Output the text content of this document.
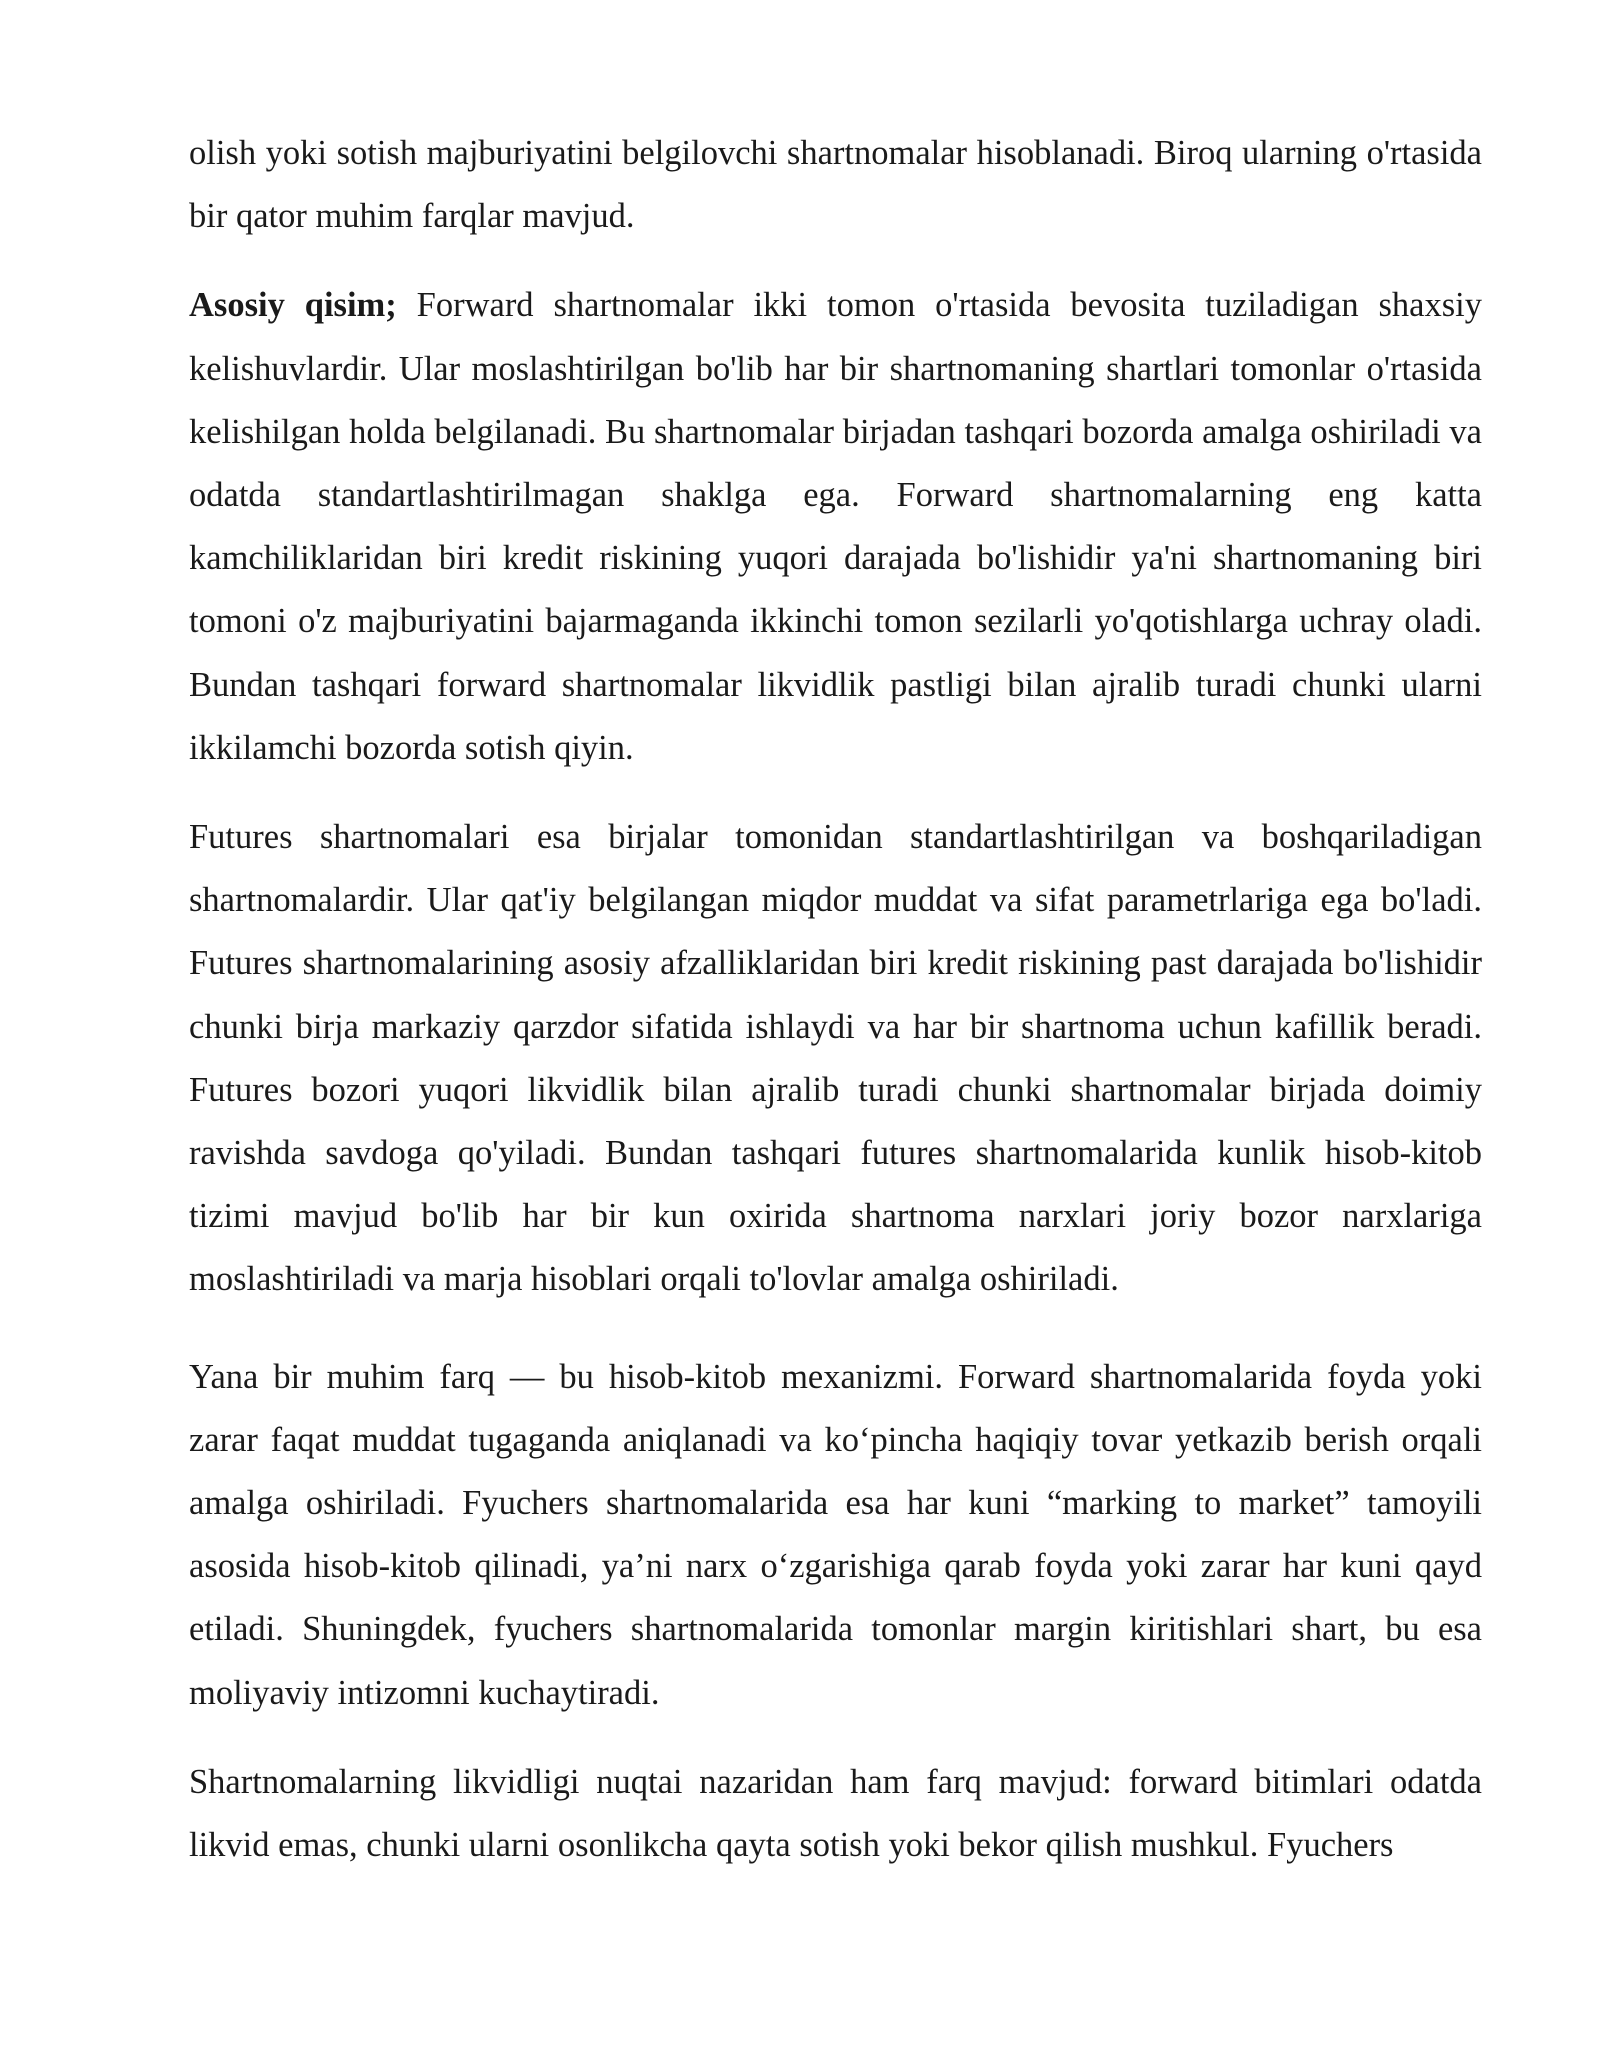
olish yoki sotish majburiyatini belgilovchi shartnomalar hisoblanadi. Biroq ularning o'rtasida bir qator muhim farqlar mavjud.

Asosiy qisim; Forward shartnomalar ikki tomon o'rtasida bevosita tuziladigan shaxsiy kelishuvlardir. Ular moslashtirilgan bo'lib har bir shartnomaning shartlari tomonlar o'rtasida kelishilgan holda belgilanadi. Bu shartnomalar birjadan tashqari bozorda amalga oshiriladi va odatda standartlashtirilmagan shaklga ega. Forward shartnomalarning eng katta kamchiliklaridan biri kredit riskining yuqori darajada bo'lishidir ya'ni shartnomaning biri tomoni o'z majburiyatini bajarmaganda ikkinchi tomon sezilarli yo'qotishlarga uchray oladi. Bundan tashqari forward shartnomalar likvidlik pastligi bilan ajralib turadi chunki ularni ikkilamchi bozorda sotish qiyin.

Futures shartnomalari esa birjalar tomonidan standartlashtirilgan va boshqariladigan shartnomalardir. Ular qat'iy belgilangan miqdor muddat va sifat parametrlariga ega bo'ladi. Futures shartnomalarining asosiy afzalliklaridan biri kredit riskining past darajada bo'lishidir chunki birja markaziy qarzdor sifatida ishlaydi va har bir shartnoma uchun kafillik beradi. Futures bozori yuqori likvidlik bilan ajralib turadi chunki shartnomalar birjada doimiy ravishda savdoga qo'yiladi. Bundan tashqari futures shartnomalarida kunlik hisob-kitob tizimi mavjud bo'lib har bir kun oxirida shartnoma narxlari joriy bozor narxlariga moslashtiriladi va marja hisoblari orqali to'lovlar amalga oshiriladi.

Yana bir muhim farq — bu hisob-kitob mexanizmi. Forward shartnomalarida foyda yoki zarar faqat muddat tugaganda aniqlanadi va ko‘pincha haqiqiy tovar yetkazib berish orqali amalga oshiriladi. Fyuchers shartnomalarida esa har kuni “marking to market” tamoyili asosida hisob-kitob qilinadi, ya’ni narx o‘zgarishiga qarab foyda yoki zarar har kuni qayd etiladi. Shuningdek, fyuchers shartnomalarida tomonlar margin kiritishlari shart, bu esa moliyaviy intizomni kuchaytiradi.

Shartnomalarning likvidligi nuqtai nazaridan ham farq mavjud: forward bitimlari odatda likvid emas, chunki ularni osonlikcha qayta sotish yoki bekor qilish mushkul. Fyuchers
